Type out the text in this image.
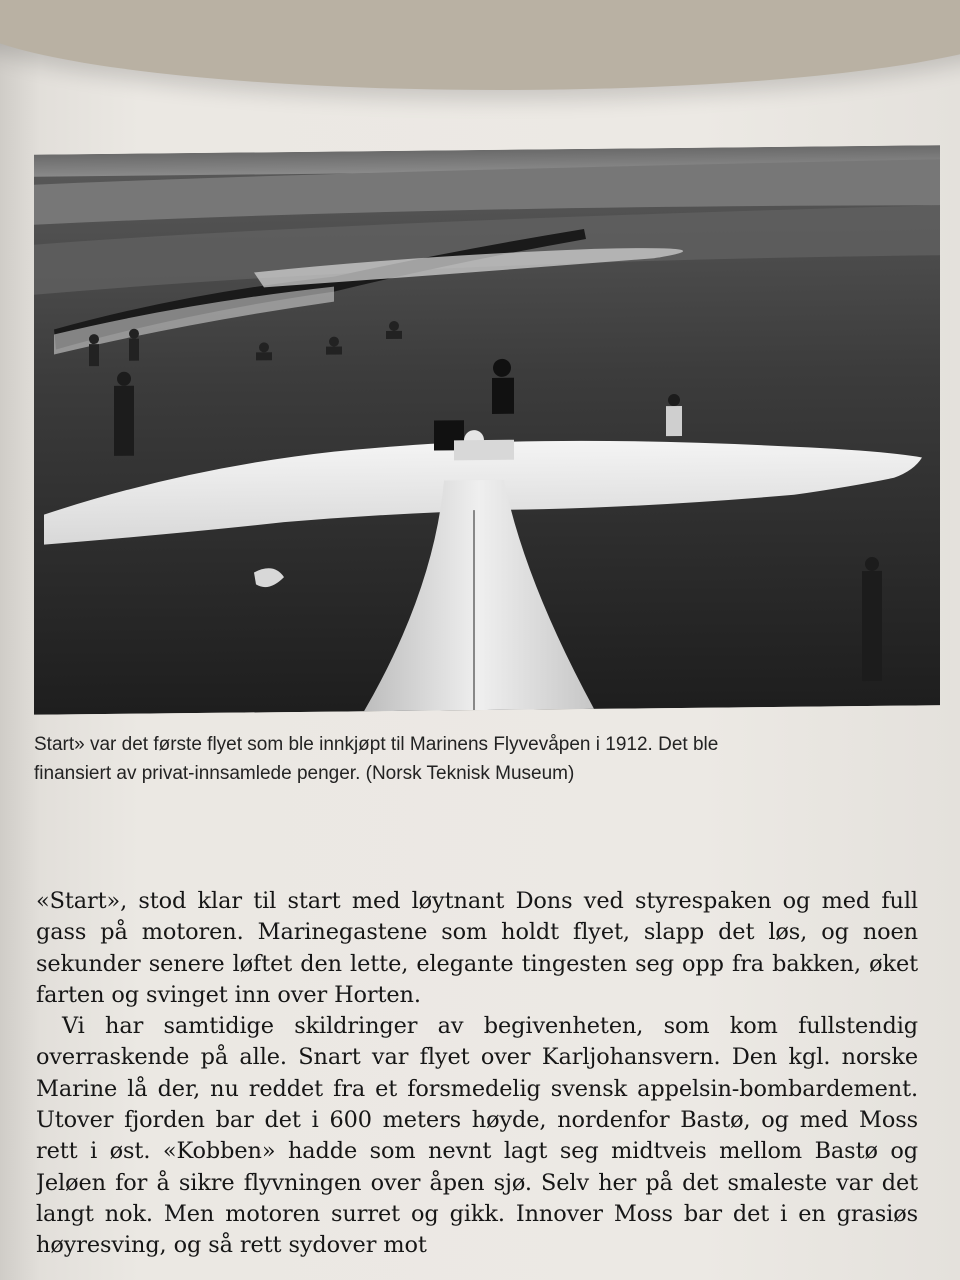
Start» var det første flyet som ble innkjøpt til Marinens Flyvevåpen i 1912. Det ble

finansiert av privat-innsamlede penger. (Norsk Teknisk Museum)

«Start», stod klar til start med løytnant Dons ved styrespaken og med full gass på motoren. Marinegastene som holdt flyet, slapp det løs, og noen sekunder senere løftet den lette, elegante tingesten seg opp fra bakken, øket farten og svinget inn over Horten.

Vi har samtidige skildringer av begivenheten, som kom fullstendig overraskende på alle. Snart var flyet over Karljohansvern. Den kgl. norske Marine lå der, nu reddet fra et forsmedelig svensk appelsin-bombardement. Utover fjorden bar det i 600 meters høyde, nordenfor Bastø, og med Moss rett i øst. «Kobben» hadde som nevnt lagt seg midtveis mellom Bastø og Jeløen for å sikre flyvningen over åpen sjø. Selv her på det smaleste var det langt nok. Men motoren surret og gikk. Innover Moss bar det i en grasiøs høyresving, og så rett sydover mot
